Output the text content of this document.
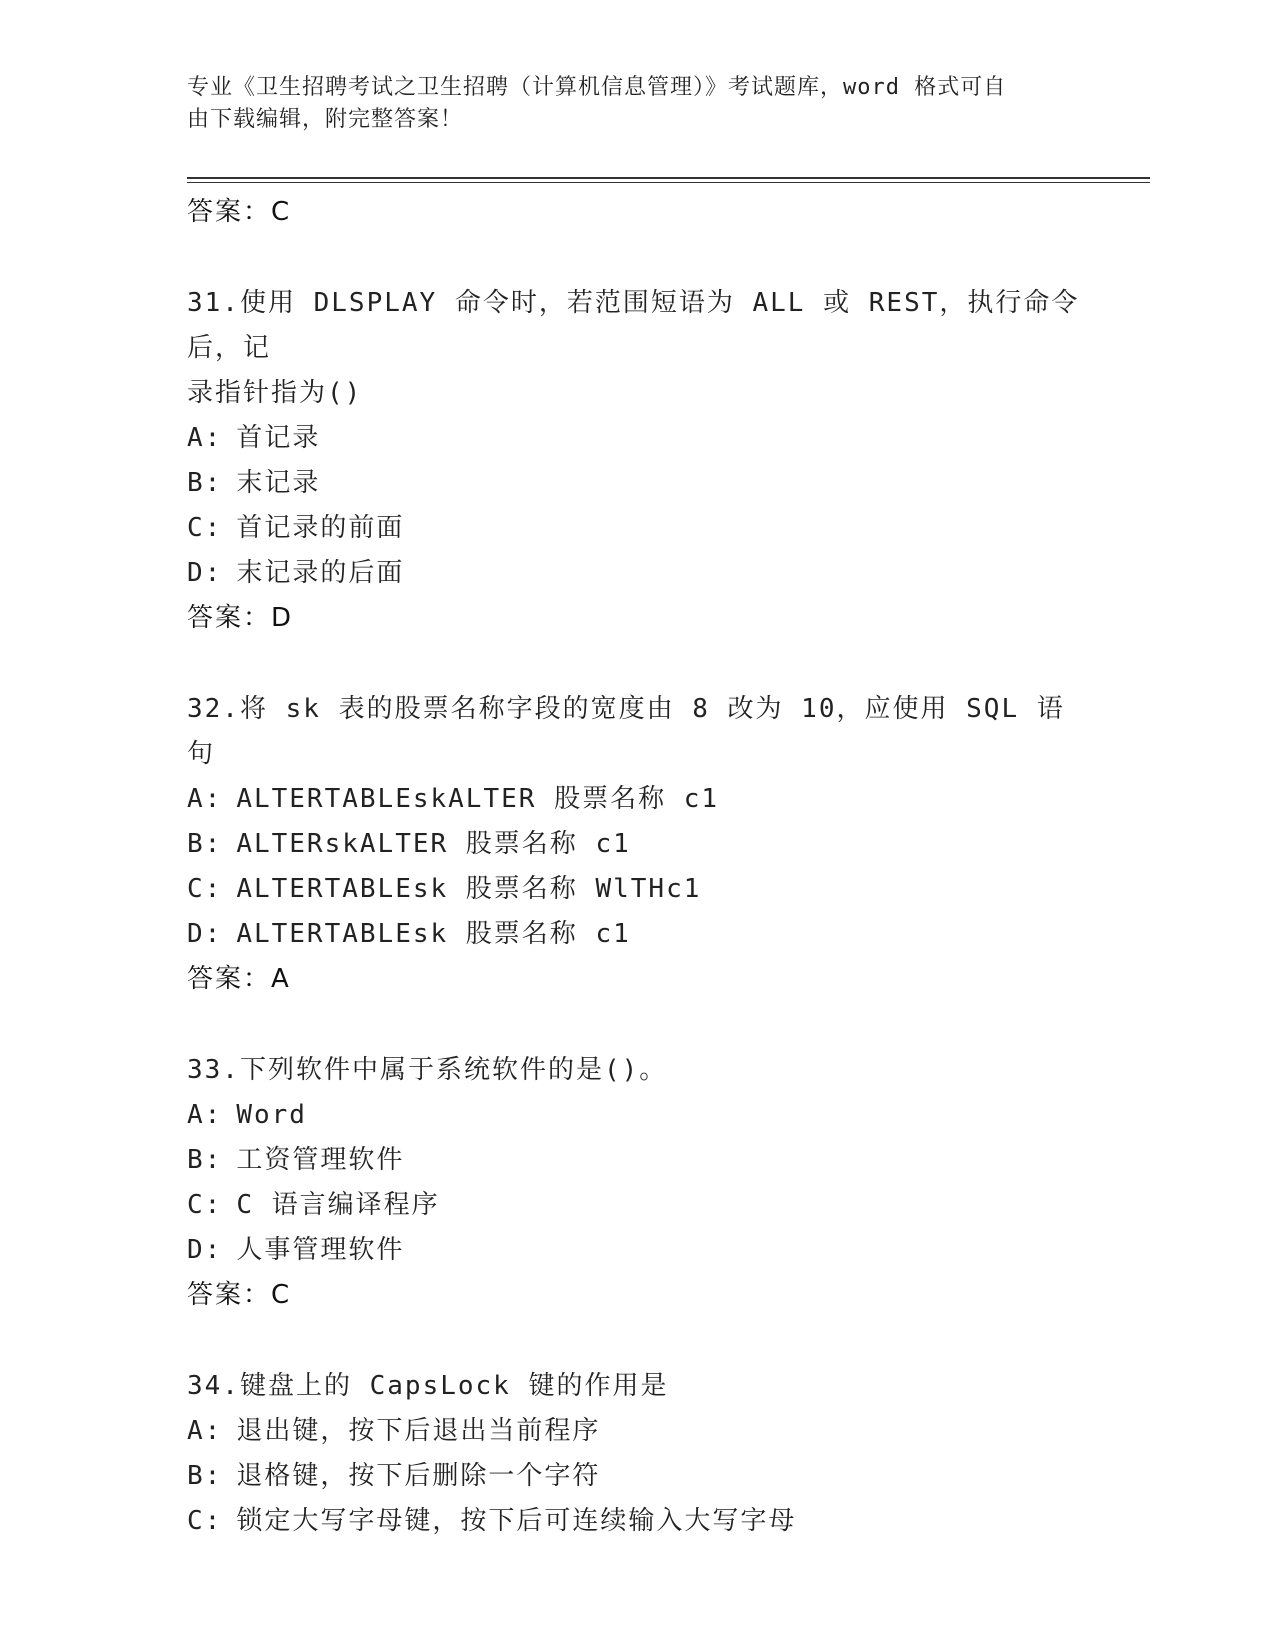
专业《卫生招聘考试之卫生招聘（计算机信息管理）》考试题库，word 格式可自
由下载编辑，附完整答案！
答案：C
31.使用 DLSPLAY 命令时，若范围短语为 ALL 或 REST，执行命令后，记
录指针指为()
A: 首记录
B: 末记录
C: 首记录的前面
D: 末记录的后面
答案：D
32.将 sk 表的股票名称字段的宽度由 8 改为 10，应使用 SQL 语句
A: ALTERTABLEskALTER 股票名称 c1
B: ALTERskALTER 股票名称 c1
C: ALTERTABLEsk 股票名称 WlTHc1
D: ALTERTABLEsk 股票名称 c1
答案：A
33.下列软件中属于系统软件的是()。
A: Word
B: 工资管理软件
C: C 语言编译程序
D: 人事管理软件
答案：C
34.键盘上的 CapsLock 键的作用是
A: 退出键，按下后退出当前程序
B: 退格键，按下后删除一个字符
C: 锁定大写字母键，按下后可连续输入大写字母
